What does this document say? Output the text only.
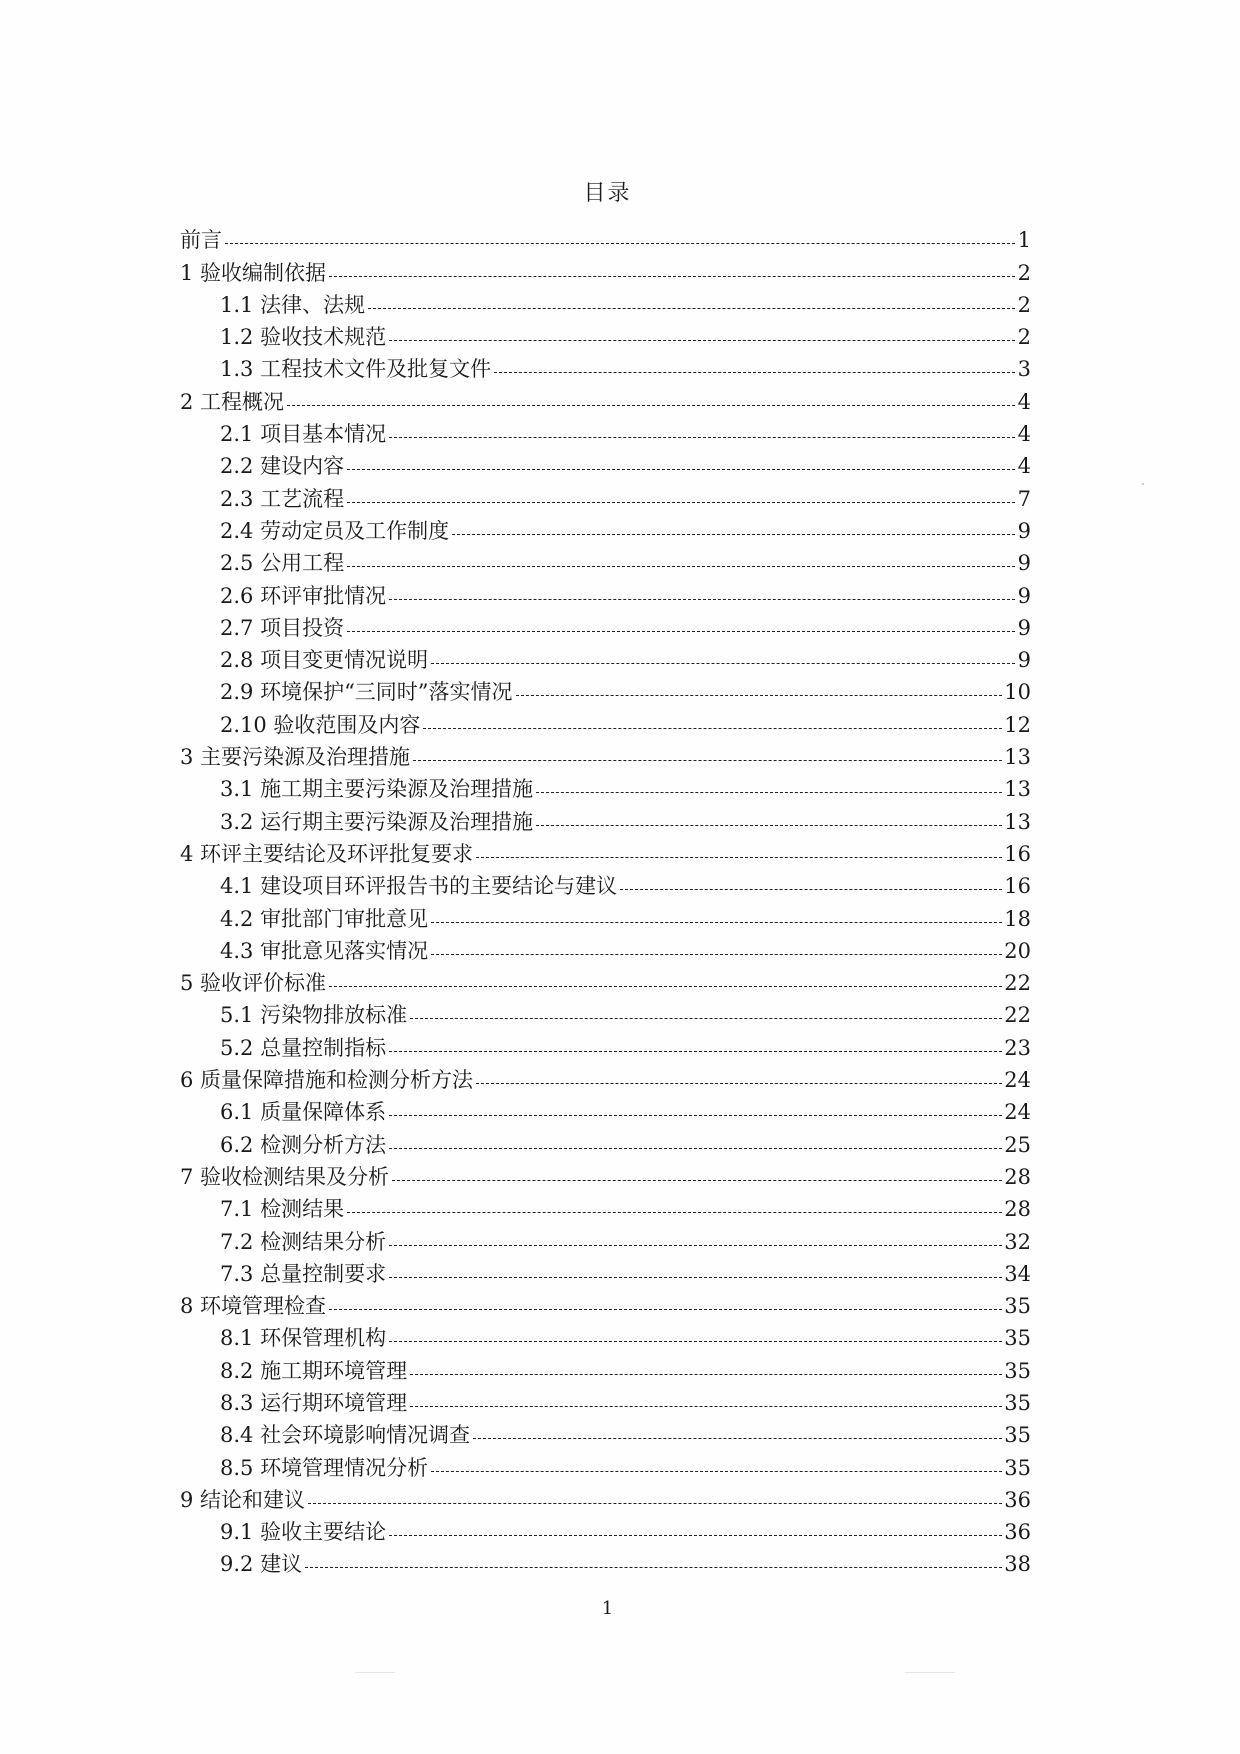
目录
前言	1
1 验收编制依据	2
1.1 法律、法规	2
1.2 验收技术规范	2
1.3 工程技术文件及批复文件	3
2 工程概况	4
2.1 项目基本情况	4
2.2 建设内容	4
2.3 工艺流程	7
2.4 劳动定员及工作制度	9
2.5 公用工程	9
2.6 环评审批情况	9
2.7 项目投资	9
2.8 项目变更情况说明	9
2.9 环境保护“三同时”落实情况	10
2.10 验收范围及内容	12
3 主要污染源及治理措施	13
3.1 施工期主要污染源及治理措施	13
3.2 运行期主要污染源及治理措施	13
4 环评主要结论及环评批复要求	16
4.1 建设项目环评报告书的主要结论与建议	16
4.2 审批部门审批意见	18
4.3 审批意见落实情况	20
5 验收评价标准	22
5.1 污染物排放标准	22
5.2 总量控制指标	23
6 质量保障措施和检测分析方法	24
6.1 质量保障体系	24
6.2 检测分析方法	25
7 验收检测结果及分析	28
7.1 检测结果	28
7.2 检测结果分析	32
7.3 总量控制要求	34
8 环境管理检查	35
8.1 环保管理机构	35
8.2 施工期环境管理	35
8.3 运行期环境管理	35
8.4 社会环境影响情况调查	35
8.5 环境管理情况分析	35
9 结论和建议	36
9.1 验收主要结论	36
9.2 建议	38
1
